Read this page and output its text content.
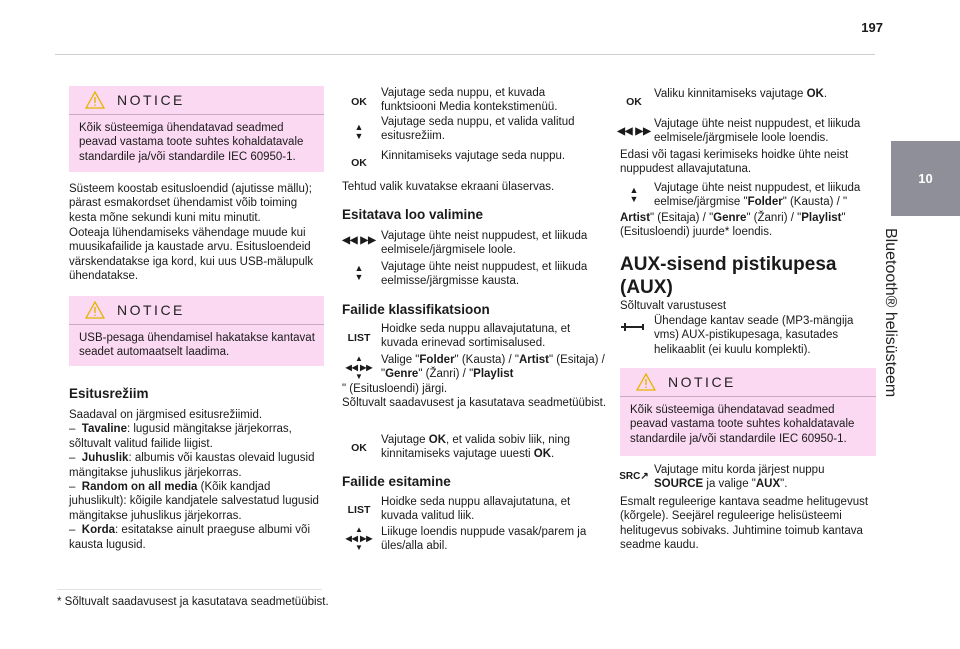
197
10
Bluetooth® helisüsteem
NOTICE
Kõik süsteemiga ühendatavad seadmed peavad vastama toote suhtes kohaldatavale standardile ja/või standardile IEC 60950-1.
Süsteem koostab esitusloendid (ajutisse mällu); pärast esmakordset ühendamist võib toiming kesta mõne sekundi kuni mitu minutit.
Ooteaja lühendamiseks vähendage muude kui muusikafailide ja kaustade arvu. Esitusloendeid värskendatakse iga kord, kui uus USB-mälupulk ühendatakse.
NOTICE
USB-pesaga ühendamisel hakatakse kantavat seadet automaatselt laadima.
Esitusrežiim
Saadaval on järgmised esitusrežiimid.
– Tavaline: lugusid mängitakse järjekorras, sõltuvalt valitud failide liigist.
– Juhuslik: albumis või kaustas olevaid lugusid mängitakse juhuslikus järjekorras.
– Random on all media (Kõik kandjad juhuslikult): kõigile kandjatele salvestatud lugusid mängitakse juhuslikus järjekorras.
– Korda: esitatakse ainult praeguse albumi või kausta lugusid.
* Sõltuvalt saadavusest ja kasutatava seadmetüübist.
OK
Vajutage seda nuppu, et kuvada funktsiooni Media kontekstimenüü.
▲
▼
Vajutage seda nuppu, et valida valitud esitusrežiim.
OK
Kinnitamiseks vajutage seda nuppu.
Tehtud valik kuvatakse ekraani ülaservas.
Esitatava loo valimine
◀◀ ▶▶ Vajutage ühte neist nuppudest, et liikuda eelmisele/järgmisele loole.
▲
▼
Vajutage ühte neist nuppudest, et liikuda eelmisse/järgmisse kausta.
Failide klassifikatsioon
LIST
Hoidke seda nuppu allavajutatuna, et kuvada erinevad sortimisalused.
▲
◀◀ ▶▶
▼
Valige "Folder" (Kausta) / "Artist" (Esitaja) / "Genre" (Žanri) / "Playlist
" (Esitusloendi) järgi.
Sõltuvalt saadavusest ja kasutatava seadmetüübist.
OK
Vajutage OK, et valida sobiv liik, ning kinnitamiseks vajutage uuesti OK.
Failide esitamine
LIST
Hoidke seda nuppu allavajutatuna, et kuvada valitud liik.
▲
◀◀ ▶▶
▼
Liikuge loendis nuppude vasak/parem ja üles/alla abil.
OK
Valiku kinnitamiseks vajutage OK.
◀◀ ▶▶
Vajutage ühte neist nuppudest, et liikuda eelmisele/järgmisele loole loendis.
Edasi või tagasi kerimiseks hoidke ühte neist nuppudest allavajutatuna.
▲
▼
Vajutage ühte neist nuppudest, et liikuda eelmise/järgmise "Folder" (Kausta) / "
Artist" (Esitaja) / "Genre" (Žanri) / "Playlist" (Esitusloendi) juurde* loendis.
AUX-sisend pistikupesa (AUX)
Sõltuvalt varustusest
Ühendage kantav seade (MP3-mängija vms) AUX-pistikupesaga, kasutades helikaablit (ei kuulu komplekti).
NOTICE
Kõik süsteemiga ühendatavad seadmed peavad vastama toote suhtes kohaldatavale standardile ja/või standardile IEC 60950-1.
SRC↗
Vajutage mitu korda järjest nuppu SOURCE ja valige "AUX".
Esmalt reguleerige kantava seadme helitugevust (kõrgele). Seejärel reguleerige helisüsteemi helitugevus sobivaks. Juhtimine toimub kantava seadme kaudu.
